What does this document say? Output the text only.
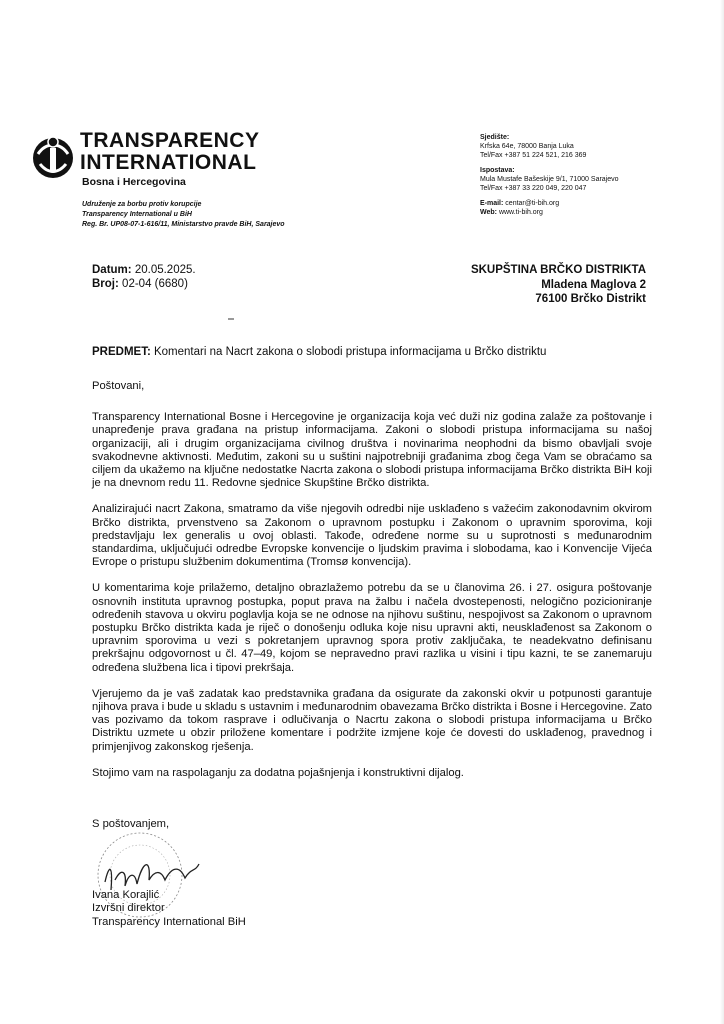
TRANSPARENCY
INTERNATIONAL
Bosna i Hercegovina
Udruženje za borbu protiv korupcije
Transparency International u BiH
Reg. Br. UP08-07-1-616/11, Ministarstvo pravde BiH, Sarajevo
Sjedište:
Krfska 64e, 78000 Banja Luka
Tel/Fax +387 51 224 521, 216 369
Ispostava:
Mula Mustafe Bašeskije 9/1, 71000 Sarajevo
Tel/Fax +387 33 220 049, 220 047
E-mail: centar@ti-bih.org
Web: www.ti-bih.org
Datum: 20.05.2025.
Broj: 02-04 (6680)
SKUPŠTINA BRČKO DISTRIKTA
Mladena Maglova 2
76100 Brčko Distrikt
PREDMET: Komentari na Nacrt zakona o slobodi pristupa informacijama u Brčko distriktu

Poštovani,

Transparency International Bosne i Hercegovine je organizacija koja već duži niz godina zalaže za poštovanje i unapređenje prava građana na pristup informacijama. Zakoni o slobodi pristupa informacijama su našoj organizaciji, ali i drugim organizacijama civilnog društva i novinarima neophodni da bismo obavljali svoje svakodnevne aktivnosti. Međutim, zakoni su u suštini najpotrebniji građanima zbog čega Vam se obraćamo sa ciljem da ukažemo na ključne nedostatke Nacrta zakona o slobodi pristupa informacijama Brčko distrikta BiH koji je na dnevnom redu 11. Redovne sjednice Skupštine Brčko distrikta.

Analizirajući nacrt Zakona, smatramo da više njegovih odredbi nije usklađeno s važećim zakonodavnim okvirom Brčko distrikta, prvenstveno sa Zakonom o upravnom postupku i Zakonom o upravnim sporovima, koji predstavljaju lex generalis u ovoj oblasti. Takođe, određene norme su u suprotnosti s međunarodnim standardima, uključujući odredbe Evropske konvencije o ljudskim pravima i slobodama, kao i Konvencije Vijeća Evrope o pristupu službenim dokumentima (Tromsø konvencija).

U komentarima koje prilažemo, detaljno obrazlažemo potrebu da se u članovima 26. i 27. osigura poštovanje osnovnih instituta upravnog postupka, poput prava na žalbu i načela dvostepenosti, nelogično pozicioniranje određenih stavova u okviru poglavlja koja se ne odnose na njihovu suštinu, nespojivost sa Zakonom o upravnom postupku Brčko distrikta kada je riječ o donošenju odluka koje nisu upravni akti, neusklađenost sa Zakonom o upravnim sporovima u vezi s pokretanjem upravnog spora protiv zaključaka, te neadekvatno definisanu prekršajnu odgovornost u čl. 47–49, kojom se nepravedno pravi razlika u visini i tipu kazni, te se zanemaruju određena službena lica i tipovi prekršaja.

Vjerujemo da je vaš zadatak kao predstavnika građana da osigurate da zakonski okvir u potpunosti garantuje njihova prava i bude u skladu s ustavnim i međunarodnim obavezama Brčko distrikta i Bosne i Hercegovine. Zato vas pozivamo da tokom rasprave i odlučivanja o Nacrtu zakona o slobodi pristupa informacijama u Brčko Distriktu uzmete u obzir priložene komentare i podržite izmjene koje će dovesti do usklađenog, pravednog i primjenjivog zakonskog rješenja.

Stojimo vam na raspolaganju za dodatna pojašnjenja i konstruktivni dijalog.

S poštovanjem,
Ivana Korajlić
Izvršni direktor
Transparency International BiH
